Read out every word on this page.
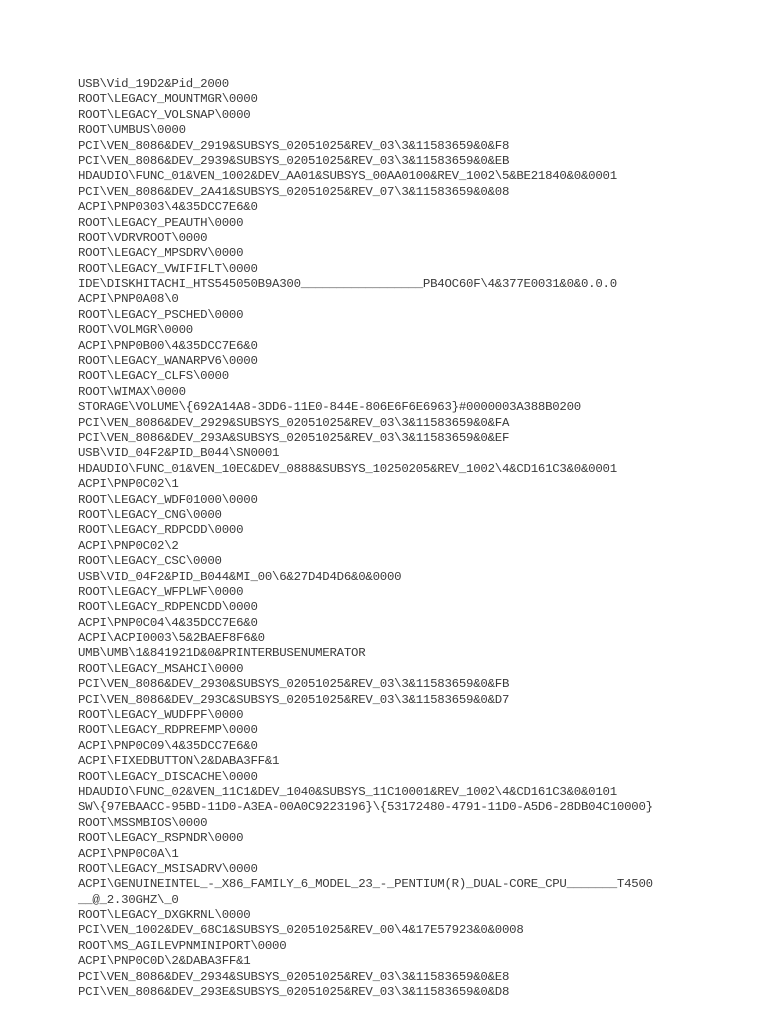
USB\Vid_19D2&Pid_2000
ROOT\LEGACY_MOUNTMGR\0000
ROOT\LEGACY_VOLSNAP\0000
ROOT\UMBUS\0000
PCI\VEN_8086&DEV_2919&SUBSYS_02051025&REV_03\3&11583659&0&F8
PCI\VEN_8086&DEV_2939&SUBSYS_02051025&REV_03\3&11583659&0&EB
HDAUDIO\FUNC_01&VEN_1002&DEV_AA01&SUBSYS_00AA0100&REV_1002\5&BE21840&0&0001
PCI\VEN_8086&DEV_2A41&SUBSYS_02051025&REV_07\3&11583659&0&08
ACPI\PNP0303\4&35DCC7E6&0
ROOT\LEGACY_PEAUTH\0000
ROOT\VDRVROOT\0000
ROOT\LEGACY_MPSDRV\0000
ROOT\LEGACY_VWIFIFLT\0000
IDE\DISKHITACHI_HTS545050B9A300_________________PB4OC60F\4&377E0031&0&0.0.0
ACPI\PNP0A08\0
ROOT\LEGACY_PSCHED\0000
ROOT\VOLMGR\0000
ACPI\PNP0B00\4&35DCC7E6&0
ROOT\LEGACY_WANARPV6\0000
ROOT\LEGACY_CLFS\0000
ROOT\WIMAX\0000
STORAGE\VOLUME\{692A14A8-3DD6-11E0-844E-806E6F6E6963}#0000003A388B0200
PCI\VEN_8086&DEV_2929&SUBSYS_02051025&REV_03\3&11583659&0&FA
PCI\VEN_8086&DEV_293A&SUBSYS_02051025&REV_03\3&11583659&0&EF
USB\VID_04F2&PID_B044\SN0001
HDAUDIO\FUNC_01&VEN_10EC&DEV_0888&SUBSYS_10250205&REV_1002\4&CD161C3&0&0001
ACPI\PNP0C02\1
ROOT\LEGACY_WDF01000\0000
ROOT\LEGACY_CNG\0000
ROOT\LEGACY_RDPCDD\0000
ACPI\PNP0C02\2
ROOT\LEGACY_CSC\0000
USB\VID_04F2&PID_B044&MI_00\6&27D4D4D6&0&0000
ROOT\LEGACY_WFPLWF\0000
ROOT\LEGACY_RDPENCDD\0000
ACPI\PNP0C04\4&35DCC7E6&0
ACPI\ACPI0003\5&2BAEF8F6&0
UMB\UMB\1&841921D&0&PRINTERBUSENUMERATOR
ROOT\LEGACY_MSAHCI\0000
PCI\VEN_8086&DEV_2930&SUBSYS_02051025&REV_03\3&11583659&0&FB
PCI\VEN_8086&DEV_293C&SUBSYS_02051025&REV_03\3&11583659&0&D7
ROOT\LEGACY_WUDFPF\0000
ROOT\LEGACY_RDPREFMP\0000
ACPI\PNP0C09\4&35DCC7E6&0
ACPI\FIXEDBUTTON\2&DABA3FF&1
ROOT\LEGACY_DISCACHE\0000
HDAUDIO\FUNC_02&VEN_11C1&DEV_1040&SUBSYS_11C10001&REV_1002\4&CD161C3&0&0101
SW\{97EBAACC-95BD-11D0-A3EA-00A0C9223196}\{53172480-4791-11D0-A5D6-28DB04C10000}
ROOT\MSSMBIOS\0000
ROOT\LEGACY_RSPNDR\0000
ACPI\PNP0C0A\1
ROOT\LEGACY_MSISADRV\0000
ACPI\GENUINEINTEL_-_X86_FAMILY_6_MODEL_23_-_PENTIUM(R)_DUAL-CORE_CPU_______T4500
__@_2.30GHZ\_0
ROOT\LEGACY_DXGKRNL\0000
PCI\VEN_1002&DEV_68C1&SUBSYS_02051025&REV_00\4&17E57923&0&0008
ROOT\MS_AGILEVPNMINIPORT\0000
ACPI\PNP0C0D\2&DABA3FF&1
PCI\VEN_8086&DEV_2934&SUBSYS_02051025&REV_03\3&11583659&0&E8
PCI\VEN_8086&DEV_293E&SUBSYS_02051025&REV_03\3&11583659&0&D8
